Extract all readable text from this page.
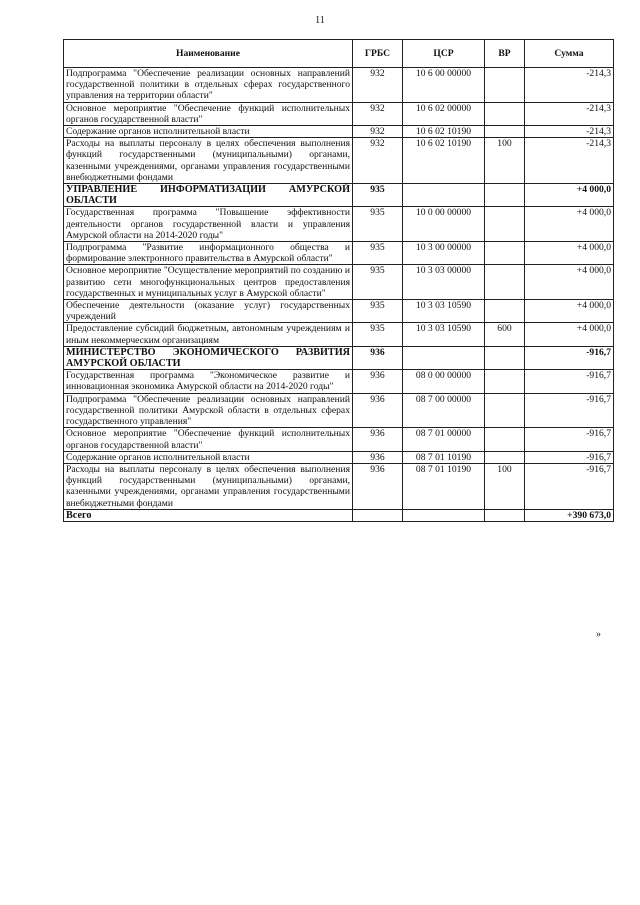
11
Наименование	ГРБС	ЦСР	ВР	Сумма
Подпрограмма "Обеспечение реализации основных направлений государственной политики в отдельных сферах государственного управления на территории области"	932	10 6 00 00000		-214,3
Основное мероприятие "Обеспечение функций исполнительных органов государственной власти"	932	10 6 02 00000		-214,3
Содержание органов исполнительной власти	932	10 6 02 10190		-214,3
Расходы на выплаты персоналу в целях обеспечения выполнения функций государственными (муниципальными) органами, казенными учреждениями, органами управления государственными внебюджетными фондами	932	10 6 02 10190	100	-214,3
УПРАВЛЕНИЕ ИНФОРМАТИЗАЦИИ АМУРСКОЙ ОБЛАСТИ	935			+4 000,0
Государственная программа "Повышение эффективности деятельности органов государственной власти и управления Амурской области на 2014-2020 годы"	935	10 0 00 00000		+4 000,0
Подпрограмма "Развитие информационного общества и формирование электронного правительства в Амурской области"	935	10 3 00 00000		+4 000,0
Основное мероприятие "Осуществление мероприятий по созданию и развитию сети многофункциональных центров предоставления государственных и муниципальных услуг в Амурской области"	935	10 3 03 00000		+4 000,0
Обеспечение деятельности (оказание услуг) государственных учреждений	935	10 3 03 10590		+4 000,0
Предоставление субсидий бюджетным, автономным учреждениям и иным некоммерческим организациям	935	10 3 03 10590	600	+4 000,0
МИНИСТЕРСТВО ЭКОНОМИЧЕСКОГО РАЗВИТИЯ АМУРСКОЙ ОБЛАСТИ	936			-916,7
Государственная программа "Экономическое развитие и инновационная экономика Амурской области на 2014-2020 годы"	936	08 0 00 00000		-916,7
Подпрограмма "Обеспечение реализации основных направлений государственной политики Амурской области в отдельных сферах государственного управления"	936	08 7 00 00000		-916,7
Основное мероприятие "Обеспечение функций исполнительных органов государственной власти"	936	08 7 01 00000		-916,7
Содержание органов исполнительной власти	936	08 7 01 10190		-916,7
Расходы на выплаты персоналу в целях обеспечения выполнения функций государственными (муниципальными) органами, казенными учреждениями, органами управления государственными внебюджетными фондами	936	08 7 01 10190	100	-916,7
Всего				+390 673,0
»
